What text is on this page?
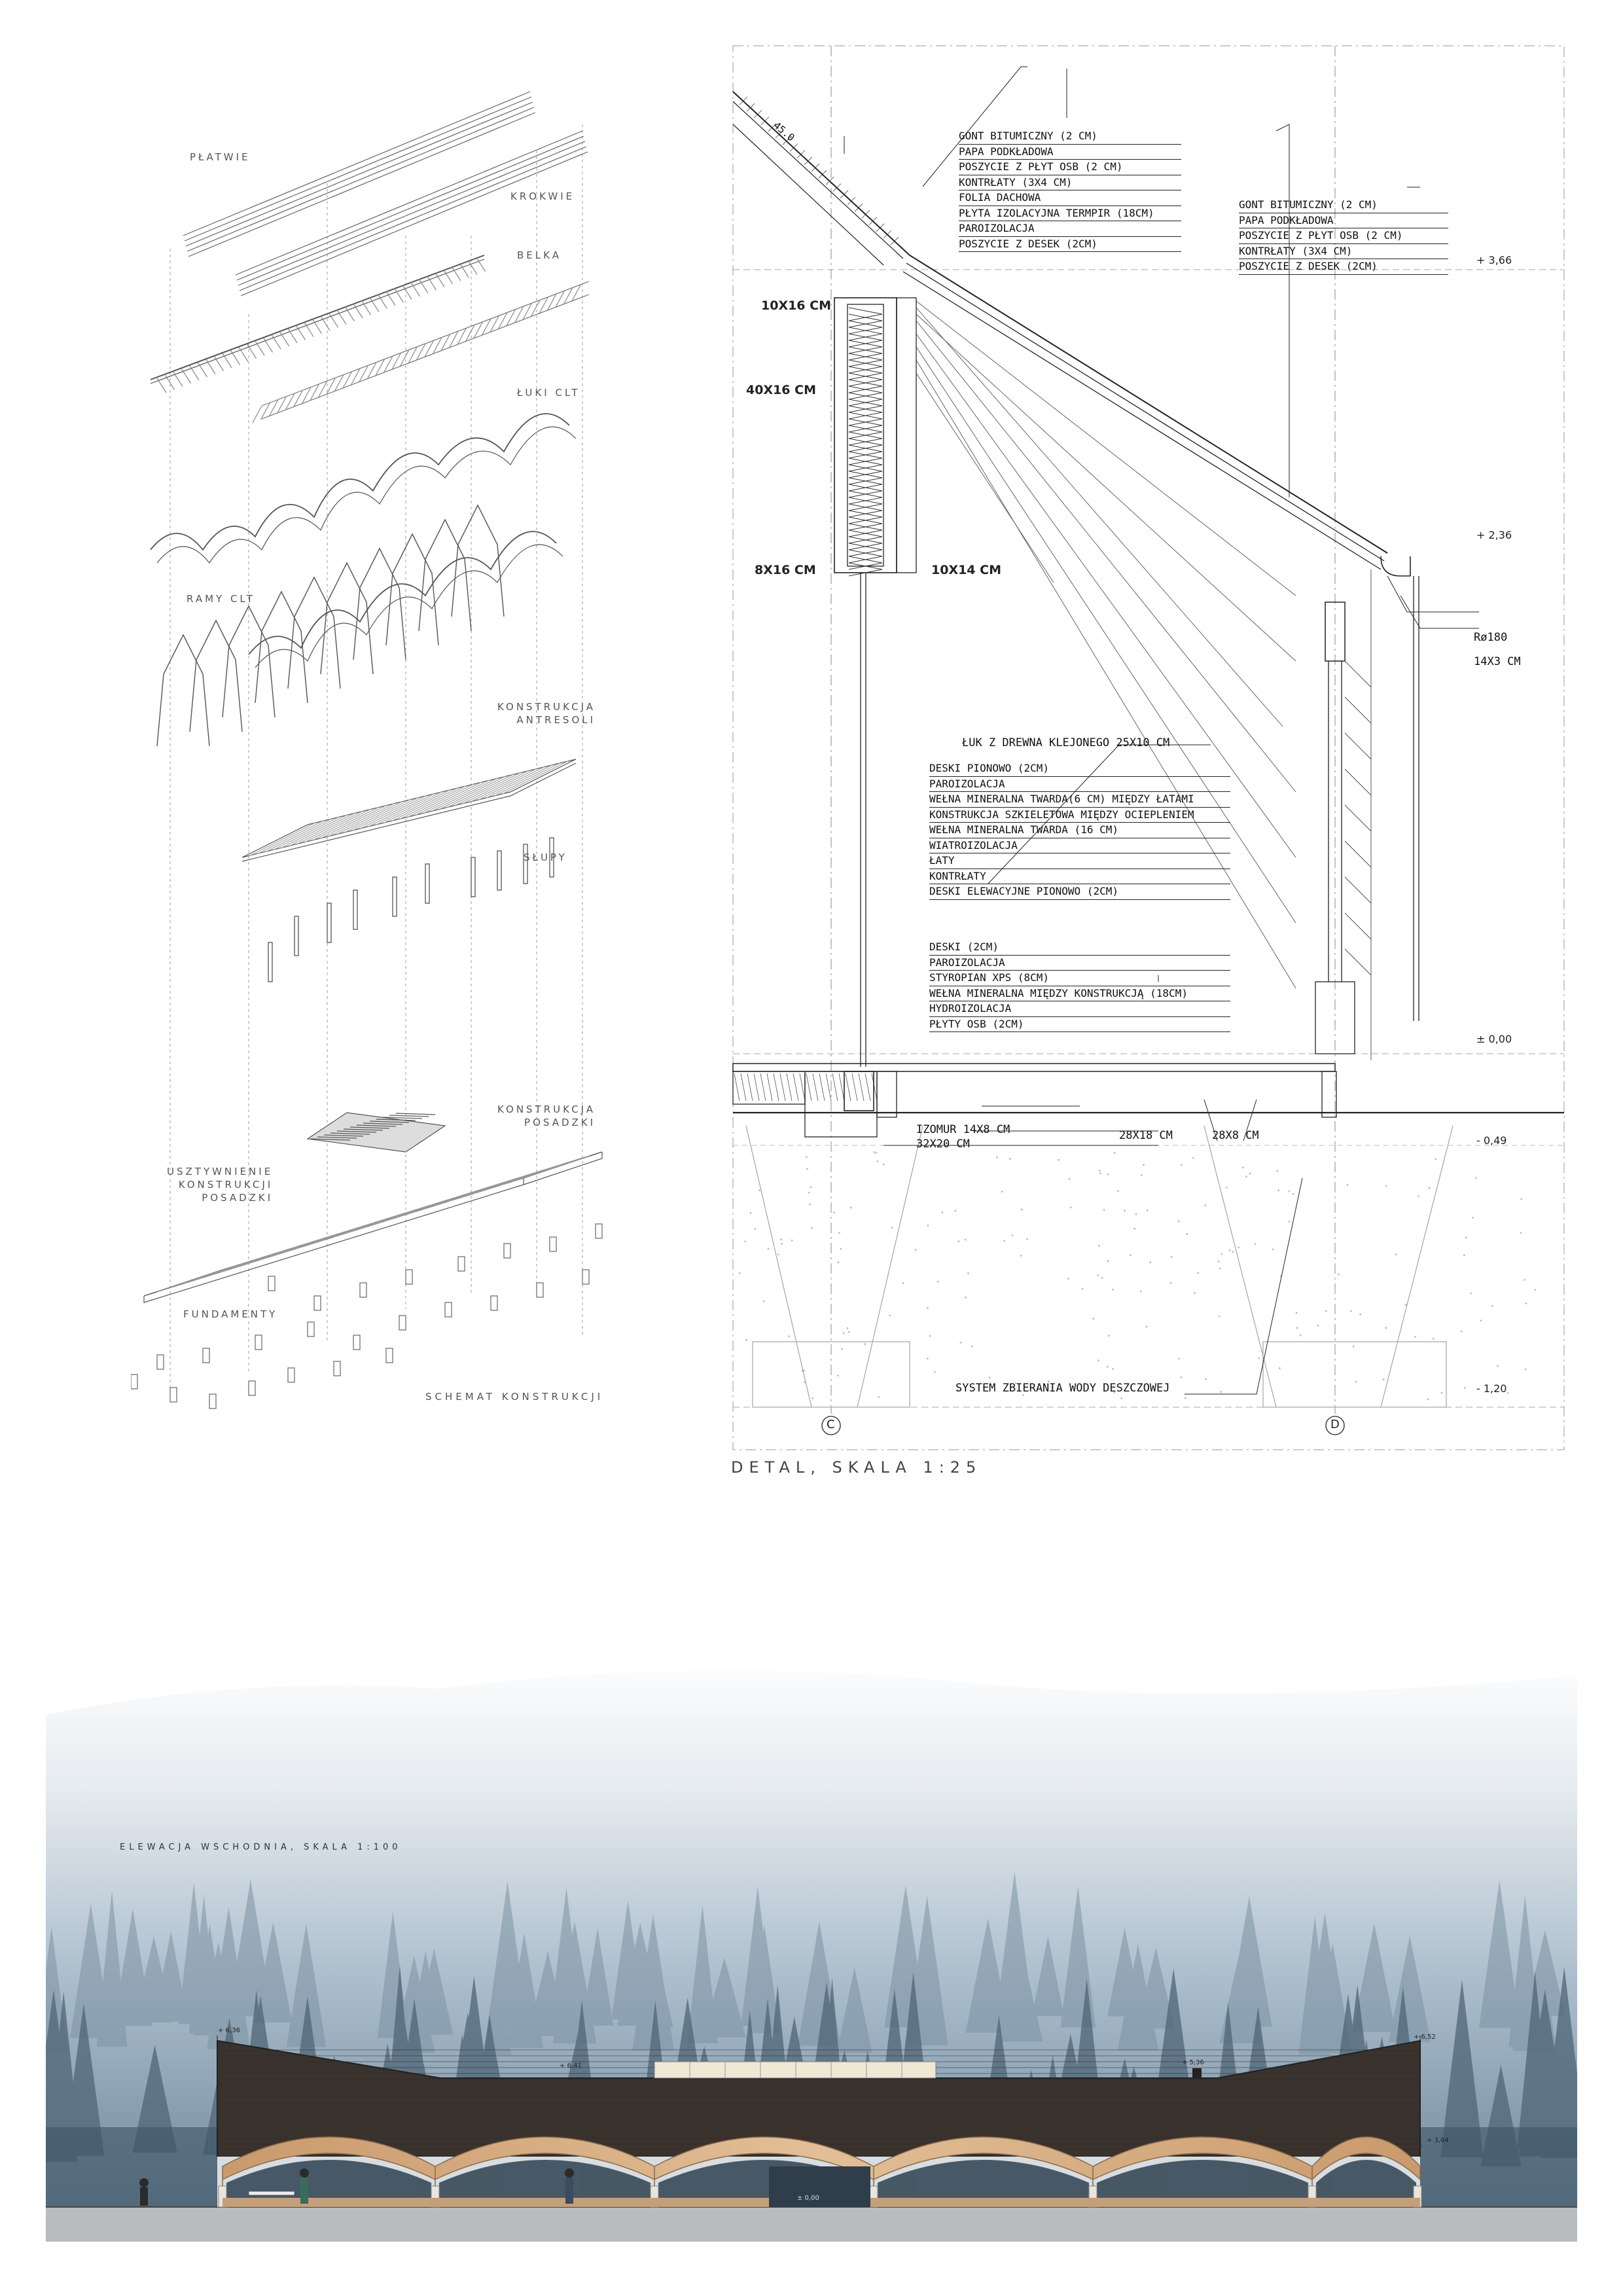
PŁATWIE
KROKWIE
BELKA
ŁUKI CLT
RAMY CLT
KONSTRUKCJA
ANTRESOLI
SŁUPY
KONSTRUKCJA
POSADZKI
USZTYWNIENIE
KONSTRUKCJI
POSADZKI
FUNDAMENTY
SCHEMAT KONSTRUKCJI
C	D
GONT BITUMICZNY (2 CM)
PAPA PODKŁADOWA
POSZYCIE Z PŁYT OSB (2 CM)
KONTRŁATY (3X4 CM)
FOLIA DACHOWA
PŁYTA IZOLACYJNA TERMPIR (18CM)
PAROIZOLACJA
POSZYCIE Z DESEK (2CM)
GONT BITUMICZNY (2 CM)
PAPA PODKŁADOWA
POSZYCIE Z PŁYT OSB (2 CM)
KONTRŁATY (3X4 CM)
POSZYCIE Z DESEK (2CM)
DESKI PIONOWO (2CM)
PAROIZOLACJA
WEŁNA MINERALNA TWARDA(6 CM) MIĘDZY ŁATAMI
KONSTRUKCJA SZKIELETOWA MIĘDZY OCIEPLENIEM
WEŁNA MINERALNA TWARDA (16 CM)
WIATROIZOLACJA
ŁATY
KONTRŁATY
DESKI ELEWACYJNE PIONOWO (2CM)
DESKI (2CM)
PAROIZOLACJA
STYROPIAN XPS (8CM)
WEŁNA MINERALNA MIĘDZY KONSTRUKCJĄ (18CM)
HYDROIZOLACJA
PŁYTY OSB (2CM)
45.0
10X16 CM
40X16 CM
8X16 CM	10X14 CM
Rø180
14X3 CM
ŁUK Z DREWNA KLEJONEGO 25X10 CM
IZOMUR 14X8 CM
32X20 CM
28X18 CM	28X8 CM
SYSTEM ZBIERANIA WODY DESZCZOWEJ
+ 3,66
+ 2,36
± 0,00
- 0,49
- 1,20
DETAL, SKALA 1:25
ELEWACJA WSCHODNIA, SKALA 1:100
+ 6,36
+ 6,41	+ 5,36
+ 6,52
+ 3,64
± 0,00
